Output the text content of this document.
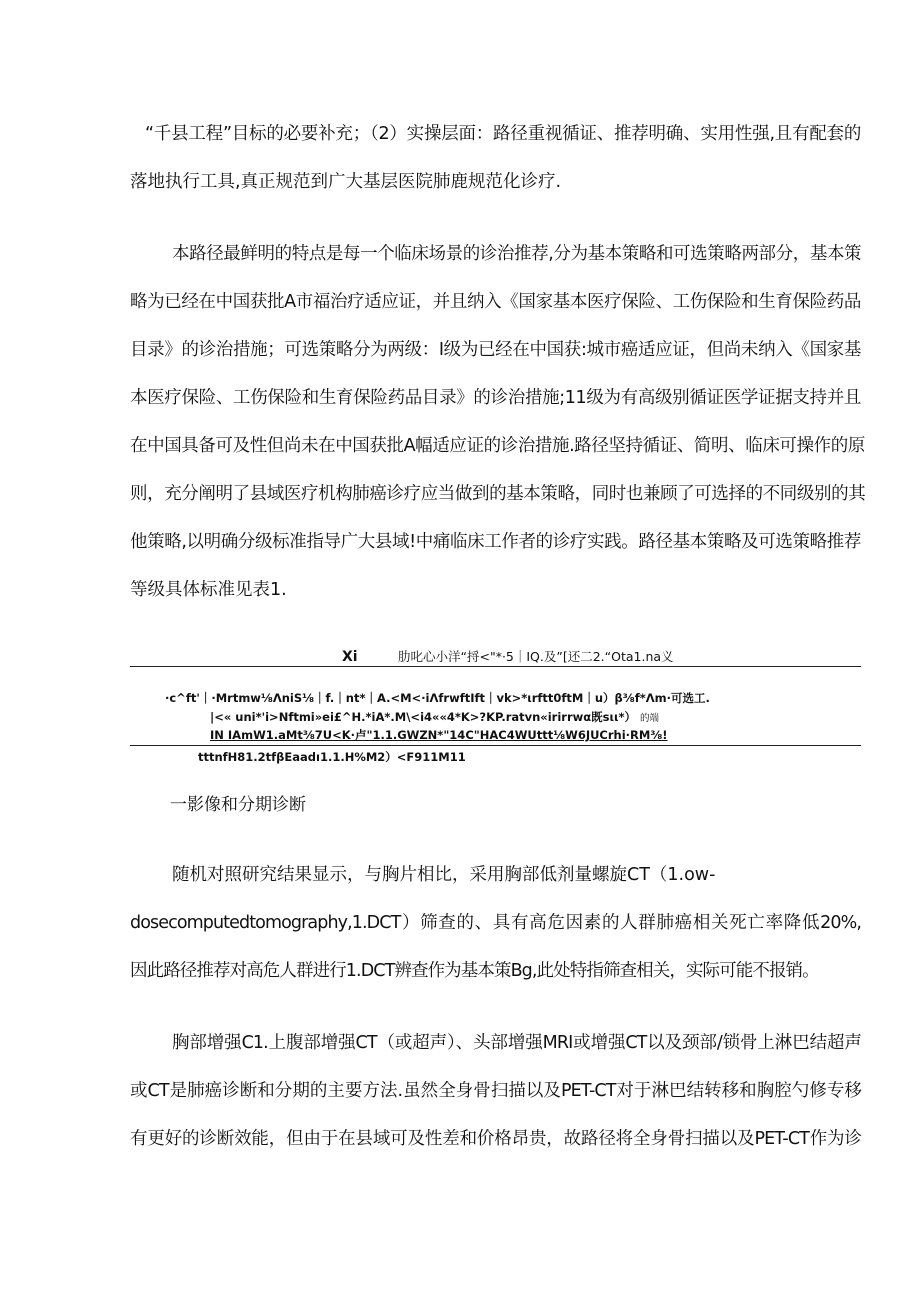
“千县工程”目标的必要补充；（2）实操层面：路径重视循证、推荐明确、实用性强,且有配套的

落地执行工具,真正规范到广大基层医院肺鹿规范化诊疗.

本路径最鲜明的特点是每一个临床场景的诊治推荐,分为基本策略和可选策略两部分，基本策

略为已经在中国获批A市福治疗适应证，并且纳入《国家基本医疗保险、工伤保险和生育保险药品

目录》的诊治措施；可选策略分为两级：I级为已经在中国获:城市癌适应证，但尚未纳入《国家基

本医疗保险、工伤保险和生育保险药品目录》的诊治措施;11级为有高级别循证医学证据支持并且

在中国具备可及性但尚未在中国获批A幅适应证的诊治措施.路径坚持循证、简明、临床可操作的原

则，充分阐明了县域医疗机构肺癌诊疗应当做到的基本策略，同时也兼顾了可选择的不同级别的其

他策略,以明确分级标准指导广大县域!中痛临床工作者的诊疗实践。路径基本策略及可选策略推荐

等级具体标准见表1.

Xi	肋叱心小洋“捋<"*·5｜IQ.及”[还二2.“Ota1.na义
·c^ft'｜·Mrtmw⅛ΛniS⅛｜f.｜nt*｜A.<M<·iΛfrwftIft｜vk>*ιrftt0ftM｜u）β⅜f*Λm·可选工.
|<« uni*'i>Nftmi»ei£^H.*iA*.M\<i4««4*K>?KP.ratvn«irirrwα既sιι*） 的端
IN IAmW1.aMt⅜7U<K·卢"1.1.GWZN*"14C"HAC4WUttt⅛W6JUCrhi·RM⅜!
tttnfH81.2tfβEaadı1.1.H%M2）<F911M11

一影像和分期诊断

随机对照研究结果显示，与胸片相比，采用胸部低剂量螺旋CT（1.ow-

dosecomputedtomography,1.DCT）筛查的、具有高危因素的人群肺癌相关死亡率降低20%,

因此路径推荐对高危人群进行1.DCT辨查作为基本策Bg,此处特指筛查相关，实际可能不报销。

胸部增强C1.上腹部增强CT（或超声）、头部增强MRI或增强CT以及颈部/锁骨上淋巴结超声

或CT是肺癌诊断和分期的主要方法.虽然全身骨扫描以及PET-CT对于淋巴结转移和胸腔勺修专移

有更好的诊断效能，但由于在县域可及性差和价格昂贵，故路径将全身骨扫描以及PET-CT作为诊
